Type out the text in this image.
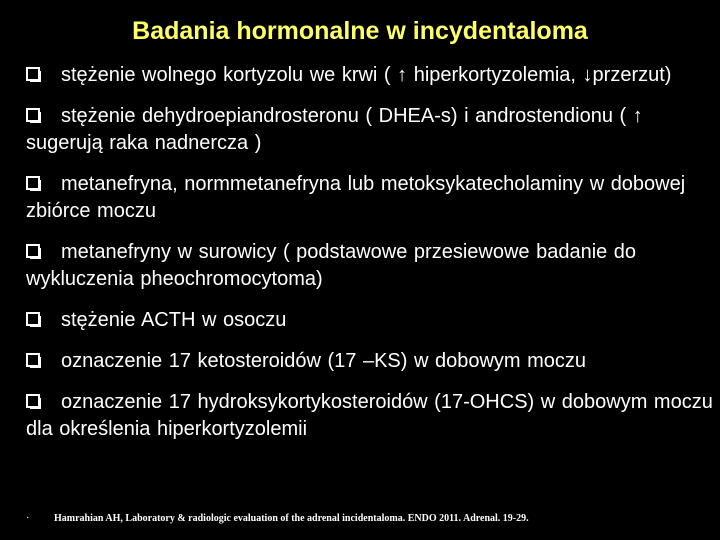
Badania hormonalne w incydentaloma
stężenie wolnego kortyzolu we krwi ( ↑ hiperkortyzolemia, ↓przerzut)
stężenie dehydroepiandrosteronu ( DHEA-s) i androstendionu ( ↑ sugerują raka nadnercza )
metanefryna, normmetanefryna lub metoksykatecholaminy w dobowej zbiórce moczu
metanefryny w surowicy ( podstawowe przesiewowe badanie do wykluczenia pheochromocytoma)
stężenie ACTH w osoczu
oznaczenie 17 ketosteroidów (17 –KS) w dobowym moczu
oznaczenie 17 hydroksykortykosteroidów (17-OHCS) w dobowym moczu dla określenia hiperkortyzolemii
· Hamrahian AH, Laboratory & radiologic evaluation of the adrenal incidentaloma. ENDO 2011. Adrenal. 19-29.
